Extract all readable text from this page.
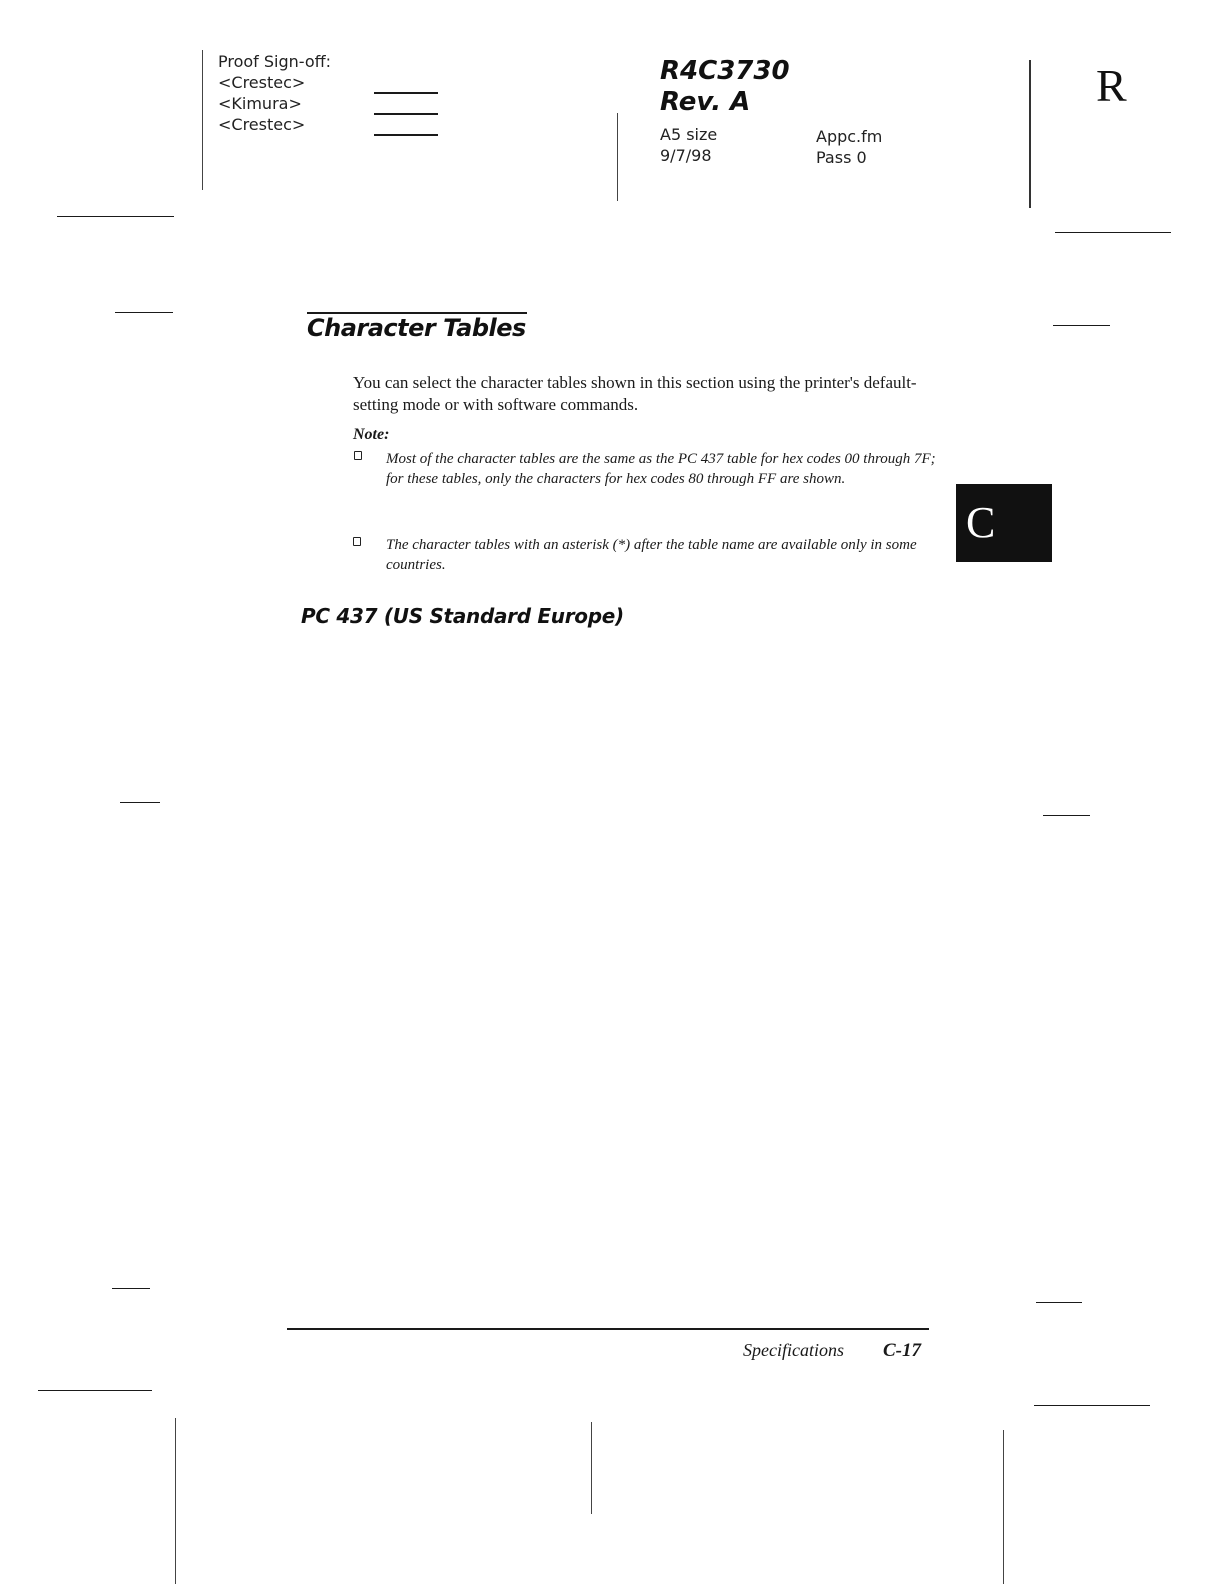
Proof Sign-off:
<Crestec>
<Kimura>
<Crestec>
R4C3730
Rev. A
A5 size
9/7/98
Appc.fm
Pass 0
R
Character Tables
You can select the character tables shown in this section using the printer's default-setting mode or with software commands.
Note:
Most of the character tables are the same as the PC 437 table for hex codes 00 through 7F; for these tables, only the characters for hex codes 80 through FF are shown.
The character tables with an asterisk (*) after the table name are available only in some countries.
C
PC 437 (US Standard Europe)
Specifications C-17
